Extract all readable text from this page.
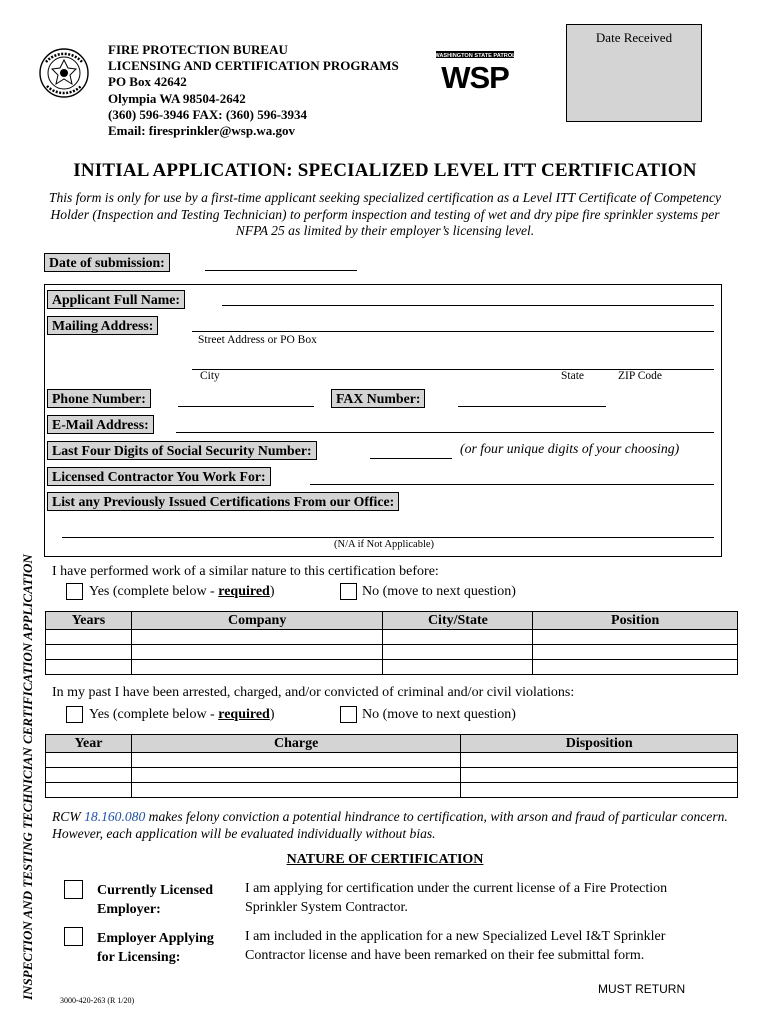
Date Received
FIRE PROTECTION BUREAU
LICENSING AND CERTIFICATION PROGRAMS
PO Box 42642
Olympia WA 98504-2642
(360) 596-3946 FAX: (360) 596-3934
Email: firesprinkler@wsp.wa.gov
WASHINGTON STATE PATROL
WSP
INITIAL APPLICATION: SPECIALIZED LEVEL ITT CERTIFICATION
This form is only for use by a first-time applicant seeking specialized certification as a Level ITT Certificate of Competency Holder (Inspection and Testing Technician) to perform inspection and testing of wet and dry pipe fire sprinkler systems per NFPA 25 as limited by their employer’s licensing level.
Date of submission:
Applicant Full Name:
Mailing Address:
Street Address or PO Box
City	State	ZIP Code
Phone Number:	FAX Number:
E-Mail Address:
Last Four Digits of Social Security Number:	(or four unique digits of your choosing)
Licensed Contractor You Work For:
List any Previously Issued Certifications From our Office:
(N/A if Not Applicable)
INSPECTION AND TESTING TECHNICIAN CERTIFICATION APPLICATION	I have performed work of a similar nature to this certification before:
Yes (complete below - required)	No (move to next question)
Years	Company	City/State	Position

In my past I have been arrested, charged, and/or convicted of criminal and/or civil violations:
Yes (complete below - required)	No (move to next question)
Year	Charge	Disposition

RCW 18.160.080 makes felony conviction a potential hindrance to certification, with arson and fraud of particular concern. However, each application will be evaluated individually without bias.
NATURE OF CERTIFICATION
Currently Licensed
Employer:
I am applying for certification under the current license of a Fire Protection
Sprinkler System Contractor.
Employer Applying
for Licensing:
I am included in the application for a new Specialized Level I&T Sprinkler
Contractor license and have been remarked on their fee submittal form.
3000-420-263 (R 1/20)
MUST RETURN
